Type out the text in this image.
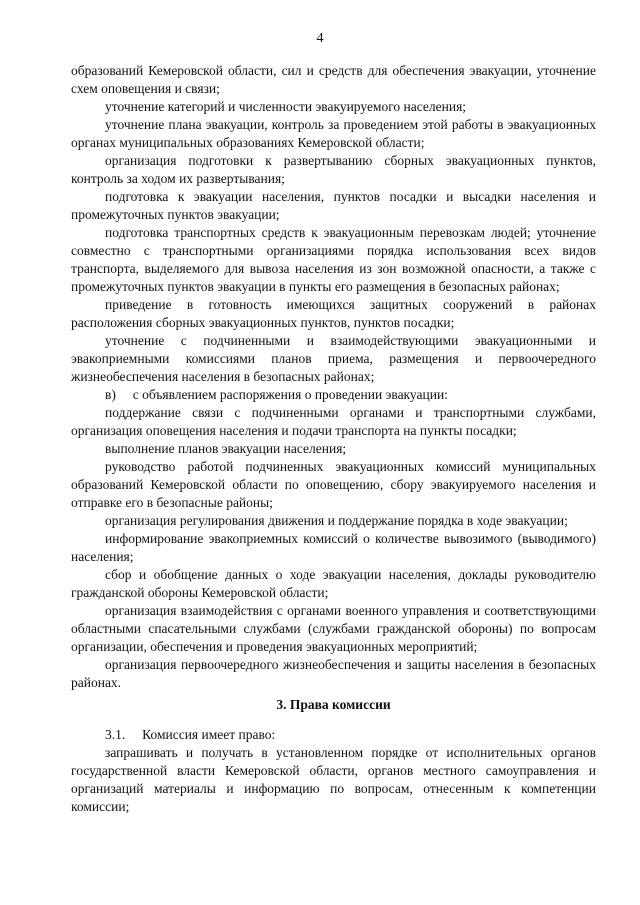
4

образований Кемеровской области, сил и средств для обеспечения эвакуации, уточнение схем оповещения и связи;

уточнение категорий и численности эвакуируемого населения;

уточнение плана эвакуации, контроль за проведением этой работы в эвакуационных органах муниципальных образованиях Кемеровской области;

организация подготовки к развертыванию сборных эвакуационных пунктов, контроль за ходом их развертывания;

подготовка к эвакуации населения, пунктов посадки и высадки населения и промежуточных пунктов эвакуации;

подготовка транспортных средств к эвакуационным перевозкам людей; уточнение совместно с транспортными организациями порядка использования всех видов транспорта, выделяемого для вывоза населения из зон возможной опасности, а также с промежуточных пунктов эвакуации в пункты его размещения в безопасных районах;

приведение в готовность имеющихся защитных сооружений в районах расположения сборных эвакуационных пунктов, пунктов посадки;

уточнение с подчиненными и взаимодействующими эвакуационными и эвакоприемными комиссиями планов приема, размещения и первоочередного жизнеобеспечения населения в безопасных районах;

в)     с объявлением распоряжения о проведении эвакуации:

поддержание связи с подчиненными органами и транспортными службами, организация оповещения населения и подачи транспорта на пункты посадки;

выполнение планов эвакуации населения;

руководство работой подчиненных эвакуационных комиссий муниципальных образований Кемеровской области по оповещению, сбору эвакуируемого населения и отправке его в безопасные районы;

организация регулирования движения и поддержание порядка в ходе эвакуации;

информирование эвакоприемных комиссий о количестве вывозимого (выводимого) населения;

сбор и обобщение данных о ходе эвакуации населения, доклады руководителю гражданской обороны Кемеровской области;

организация взаимодействия с органами военного управления и соответствующими областными спасательными службами (службами гражданской обороны) по вопросам организации, обеспечения и проведения эвакуационных мероприятий;

организация первоочередного жизнеобеспечения и защиты населения в безопасных районах.

3. Права комиссии

3.1.     Комиссия имеет право:

запрашивать и получать в установленном порядке от исполнительных органов государственной власти Кемеровской области, органов местного самоуправления и организаций материалы и информацию по вопросам, отнесенным к компетенции комиссии;
